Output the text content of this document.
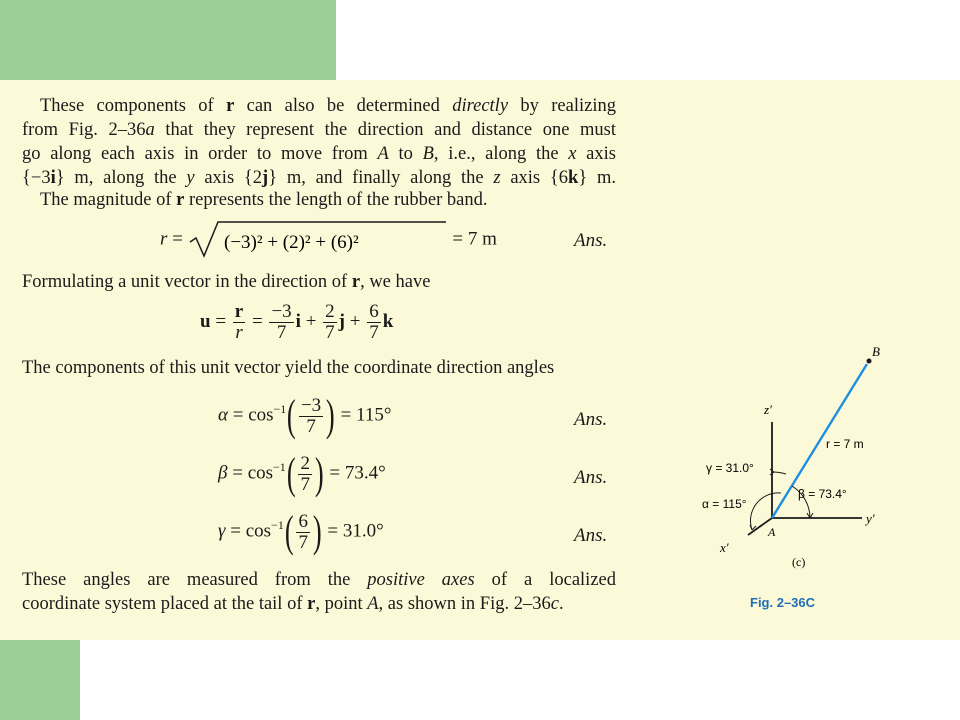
These components of r can also be determined directly by realizing
from Fig. 2–36a that they represent the direction and distance one must
go along each axis in order to move from A to B, i.e., along the x axis
{−3i} m, along the y axis {2j} m, and finally along the z axis {6k} m.
The magnitude of r represents the length of the rubber band.
r = (−3)² + (2)² + (6)²	= 7 m	Ans.
Formulating a unit vector in the direction of r, we have
$u = \frac{r}{r} = \frac{-3}{7}$ $i + \frac{2}{7}$ $j + \frac{6}{7}$ k
The components of this unit vector yield the coordinate direction angles
$\alpha = \cos^{-1}( \frac{-3}{7}$ ) = 115°	Ans.
$\beta = \cos^{-1}( \frac{2}{7}$ ) = 73.4°	Ans.
$\gamma = \cos^{-1}( \frac{6}{7}$ ) = 31.0°	Ans.
These angles are measured from the positive axes of a localized
coordinate system placed at the tail of r, point A, as shown in Fig. 2–36c.
B
z′
y′
x′
A
r = 7 m
γ = 31.0°
β = 73.4°
α = 115°
(c)
Fig. 2–36C
